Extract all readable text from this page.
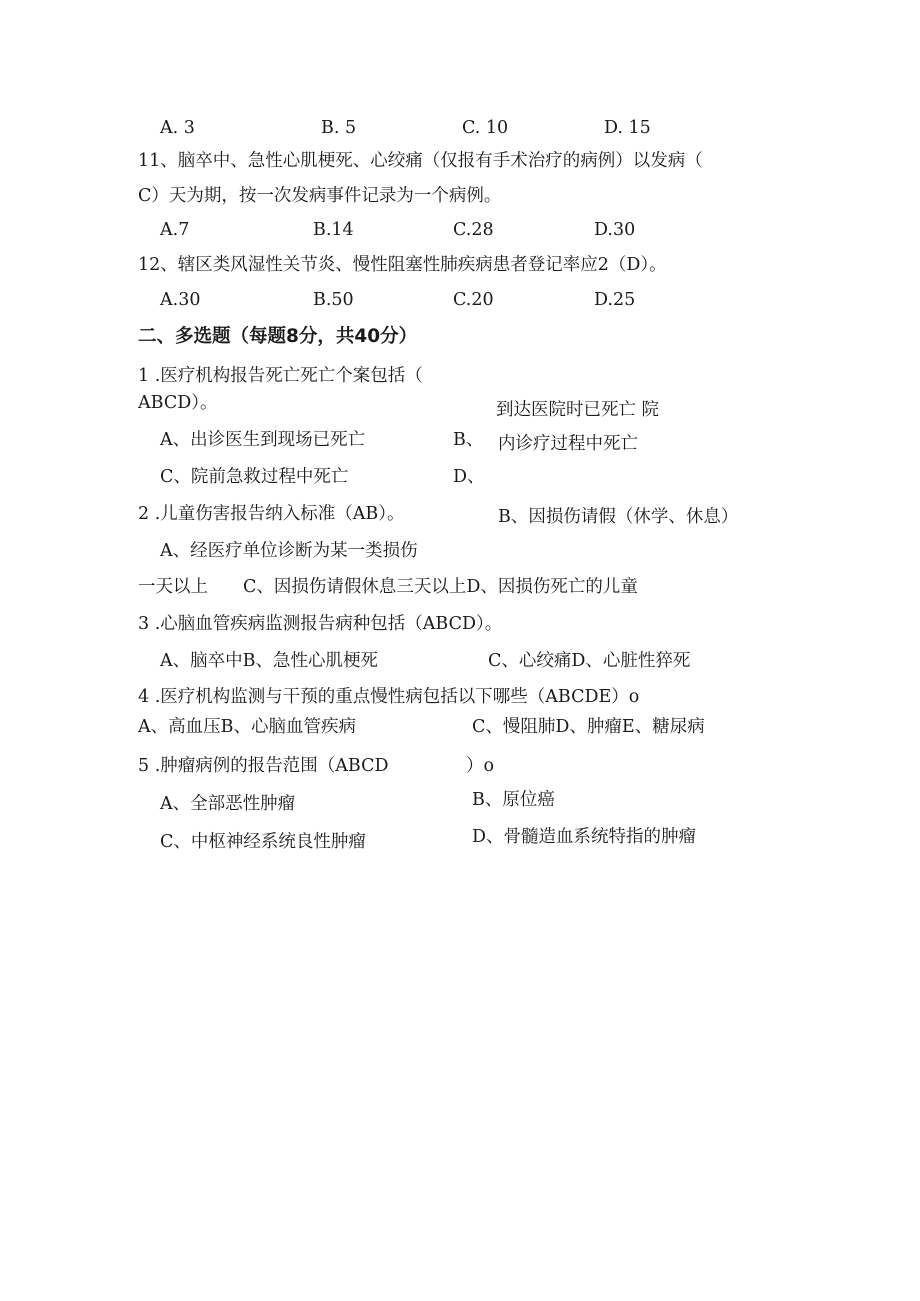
A. 3	B. 5	C. 10	D. 15
11、脑卒中、急性心肌梗死、心绞痛（仅报有手术治疗的病例）以发病（
C）天为期，按一次发病事件记录为一个病例。
A.7	B.14	C.28	D.30
12、辖区类风湿性关节炎、慢性阻塞性肺疾病患者登记率应2（D）。
A.30	B.50	C.20	D.25
二、多选题（每题8分，共40分）
1 .医疗机构报告死亡死亡个案包括（
ABCD）。	到达医院时已死亡 院
A、出诊医生到现场已死亡	B、 内诊疗过程中死亡
C、院前急救过程中死亡	D、
2 .儿童伤害报告纳入标准（AB）。	B、因损伤请假（休学、休息）
A、经医疗单位诊断为某一类损伤
一天以上　　C、因损伤请假休息三天以上D、因损伤死亡的儿童
3 .心脑血管疾病监测报告病种包括（ABCD）。
A、脑卒中B、急性心肌梗死	C、心绞痛D、心脏性猝死
4 .医疗机构监测与干预的重点慢性病包括以下哪些（ABCDE）o
A、高血压B、心脑血管疾病	C、慢阻肺D、肿瘤E、糖尿病
5 .肿瘤病例的报告范围（ABCD	）o
A、全部恶性肿瘤	B、原位癌
C、中枢神经系统良性肿瘤	D、骨髓造血系统特指的肿瘤
